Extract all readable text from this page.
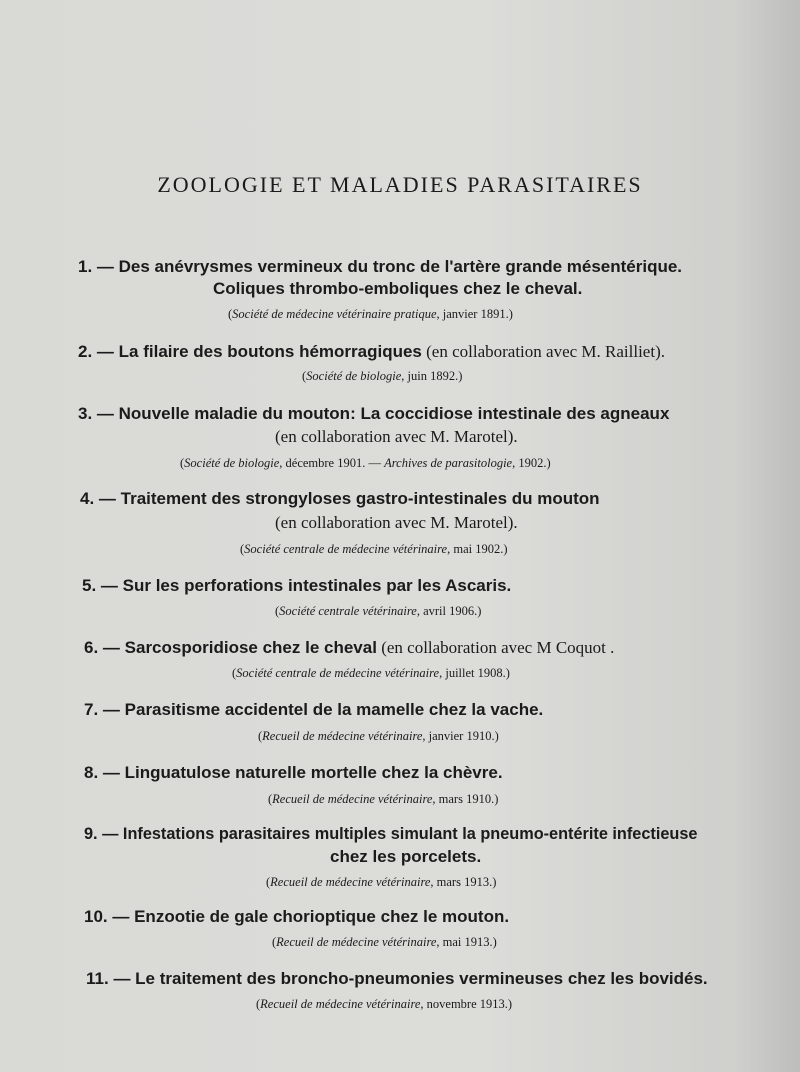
ZOOLOGIE ET MALADIES PARASITAIRES
1. — Des anévrysmes vermineux du tronc de l'artère grande mésentérique.
Coliques thrombo-emboliques chez le cheval.
(Société de médecine vétérinaire pratique, janvier 1891.)
2. — La filaire des boutons hémorragiques (en collaboration avec M. Railliet).
(Société de biologie, juin 1892.)
3. — Nouvelle maladie du mouton: La coccidiose intestinale des agneaux
(en collaboration avec M. Marotel).
(Société de biologie, décembre 1901. — Archives de parasitologie, 1902.)
4. — Traitement des strongyloses gastro-intestinales du mouton
(en collaboration avec M. Marotel).
(Société centrale de médecine vétérinaire, mai 1902.)
5. — Sur les perforations intestinales par les Ascaris.
(Société centrale vétérinaire, avril 1906.)
6. — Sarcosporidiose chez le cheval (en collaboration avec M Coquot .
(Société centrale de médecine vétérinaire, juillet 1908.)
7. — Parasitisme accidentel de la mamelle chez la vache.
(Recueil de médecine vétérinaire, janvier 1910.)
8. — Linguatulose naturelle mortelle chez la chèvre.
(Recueil de médecine vétérinaire, mars 1910.)
9. — Infestations parasitaires multiples simulant la pneumo-entérite infectieuse
chez les porcelets.
(Recueil de médecine vétérinaire, mars 1913.)
10. — Enzootie de gale chorioptique chez le mouton.
(Recueil de médecine vétérinaire, mai 1913.)
11. — Le traitement des broncho-pneumonies vermineuses chez les bovidés.
(Recueil de médecine vétérinaire, novembre 1913.)
